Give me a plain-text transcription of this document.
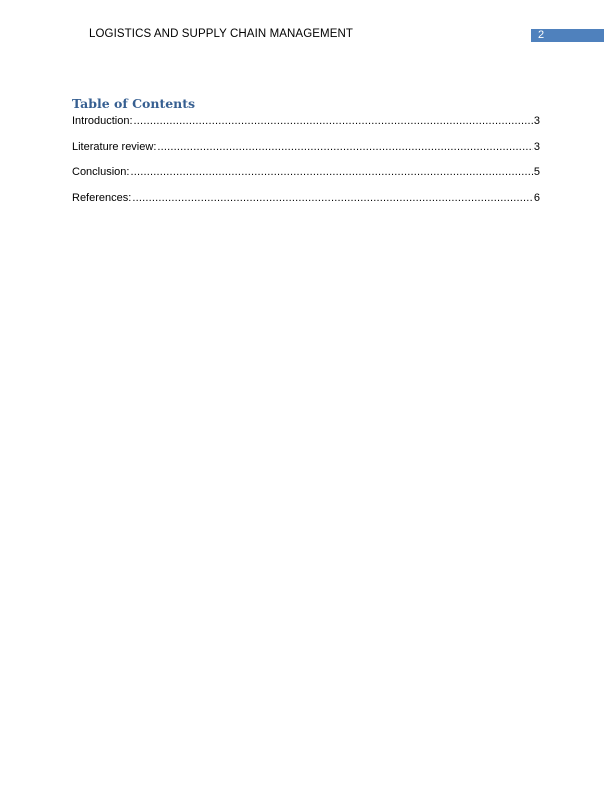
LOGISTICS AND SUPPLY CHAIN MANAGEMENT	2
Table of Contents
Introduction: .....	3
Literature review: .....	3
Conclusion: .....	5
References: .....	6
